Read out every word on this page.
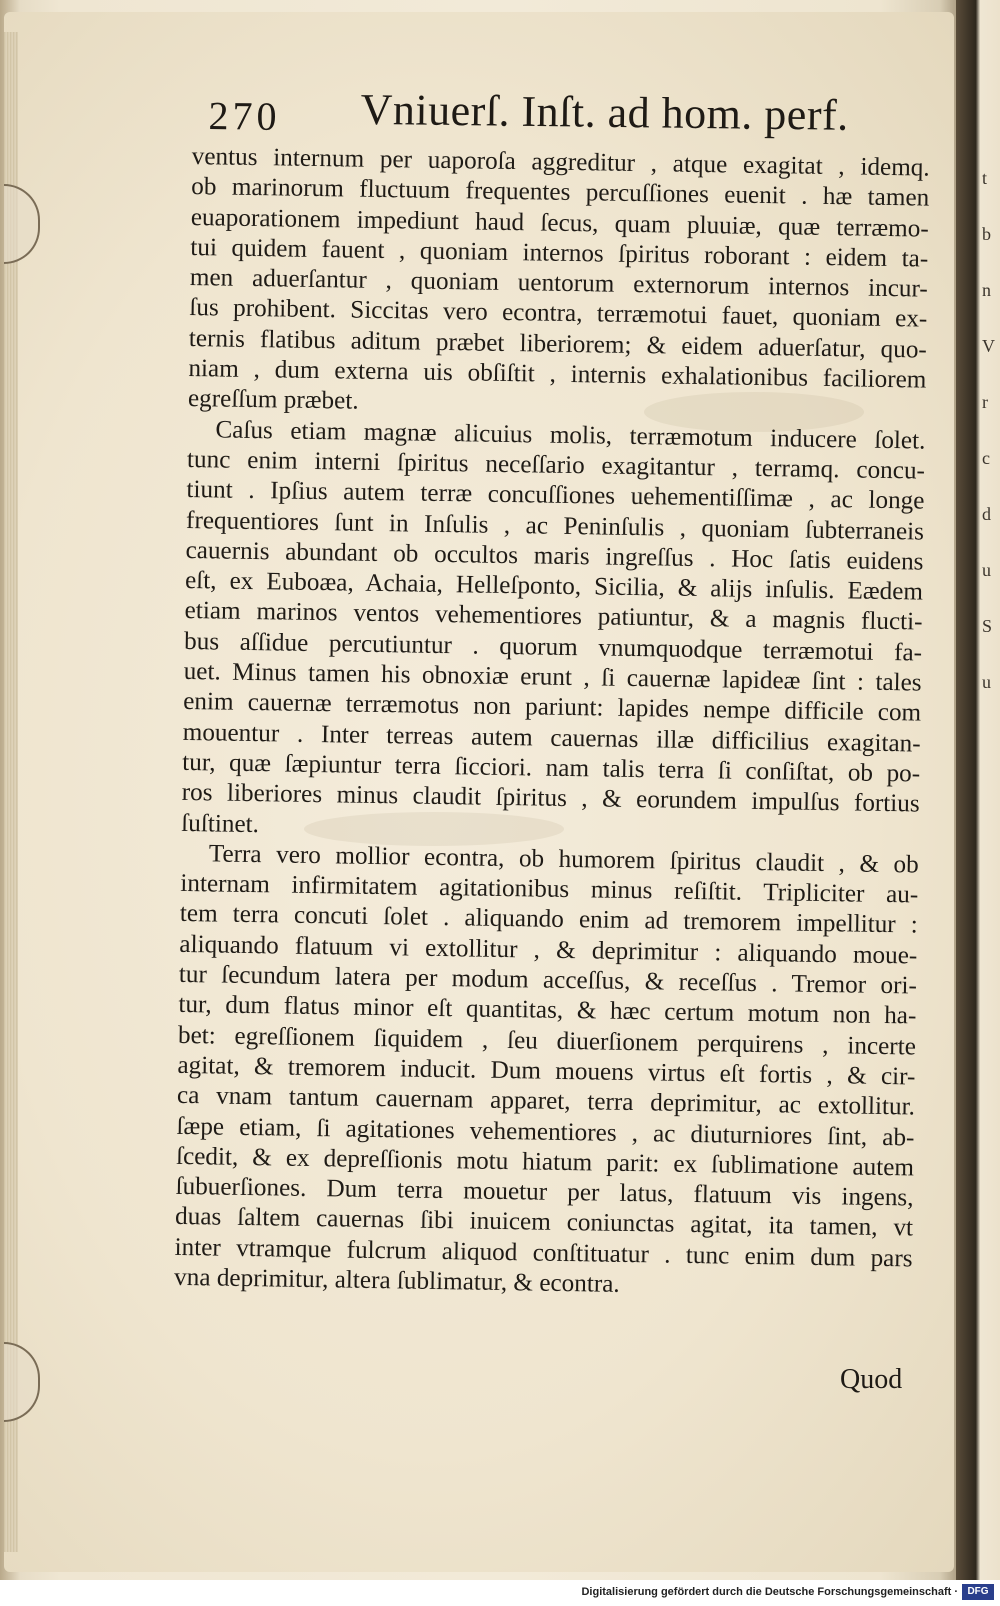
270 Vniuerſ. Inſt. ad hom. perf.
ventus internum per uaporoſa aggreditur , atque exagitat , idemq.
ob marinorum fluctuum frequentes percuſſiones euenit . hæ tamen
euaporationem impediunt haud ſecus, quam pluuiæ, quæ terræmo-
tui quidem fauent , quoniam internos ſpiritus roborant : eidem ta-
men aduerſantur , quoniam uentorum externorum internos incur-
ſus prohibent. Siccitas vero econtra, terræmotui fauet, quoniam ex-
ternis flatibus aditum præbet liberiorem; & eidem aduerſatur, quo-
niam , dum externa uis obſiſtit , internis exhalationibus faciliorem
egreſſum præbet.
Caſus etiam magnæ alicuius molis, terræmotum inducere ſolet.
tunc enim interni ſpiritus neceſſario exagitantur , terramq. concu-
tiunt . Ipſius autem terræ concuſſiones uehementiſſimæ , ac longe
frequentiores ſunt in Inſulis , ac Peninſulis , quoniam ſubterraneis
cauernis abundant ob occultos maris ingreſſus . Hoc ſatis euidens
eſt, ex Euboæa, Achaia, Helleſponto, Sicilia, & alijs inſulis. Eædem
etiam marinos ventos vehementiores patiuntur, & a magnis flucti-
bus aſſidue percutiuntur . quorum vnumquodque terræmotui fa-
uet. Minus tamen his obnoxiæ erunt , ſi cauernæ lapideæ ſint : tales
enim cauernæ terræmotus non pariunt: lapides nempe difficile com
mouentur . Inter terreas autem cauernas illæ difficilius exagitan-
tur, quæ ſæpiuntur terra ſicciori. nam talis terra ſi conſiſtat, ob po-
ros liberiores minus claudit ſpiritus , & eorundem impulſus fortius
ſuſtinet.
Terra vero mollior econtra, ob humorem ſpiritus claudit , & ob
internam infirmitatem agitationibus minus reſiſtit. Tripliciter au-
tem terra concuti ſolet . aliquando enim ad tremorem impellitur :
aliquando flatuum vi extollitur , & deprimitur : aliquando moue-
tur ſecundum latera per modum acceſſus, & receſſus . Tremor ori-
tur, dum flatus minor eſt quantitas, & hæc certum motum non ha-
bet: egreſſionem ſiquidem , ſeu diuerſionem perquirens , incerte
agitat, & tremorem inducit. Dum mouens virtus eſt fortis , & cir-
ca vnam tantum cauernam apparet, terra deprimitur, ac extollitur.
ſæpe etiam, ſi agitationes vehementiores , ac diuturniores ſint, ab-
ſcedit, & ex depreſſionis motu hiatum parit: ex ſublimatione autem
ſubuerſiones. Dum terra mouetur per latus, flatuum vis ingens,
duas ſaltem cauernas ſibi inuicem coniunctas agitat, ita tamen, vt
inter vtramque fulcrum aliquod conſtituatur . tunc enim dum pars
vna deprimitur, altera ſublimatur, & econtra.
Quod
t
b
n
V
r
c
d
u
S
u
Digitalisierung gefördert durch die Deutsche Forschungsgemeinschaft · DFG
